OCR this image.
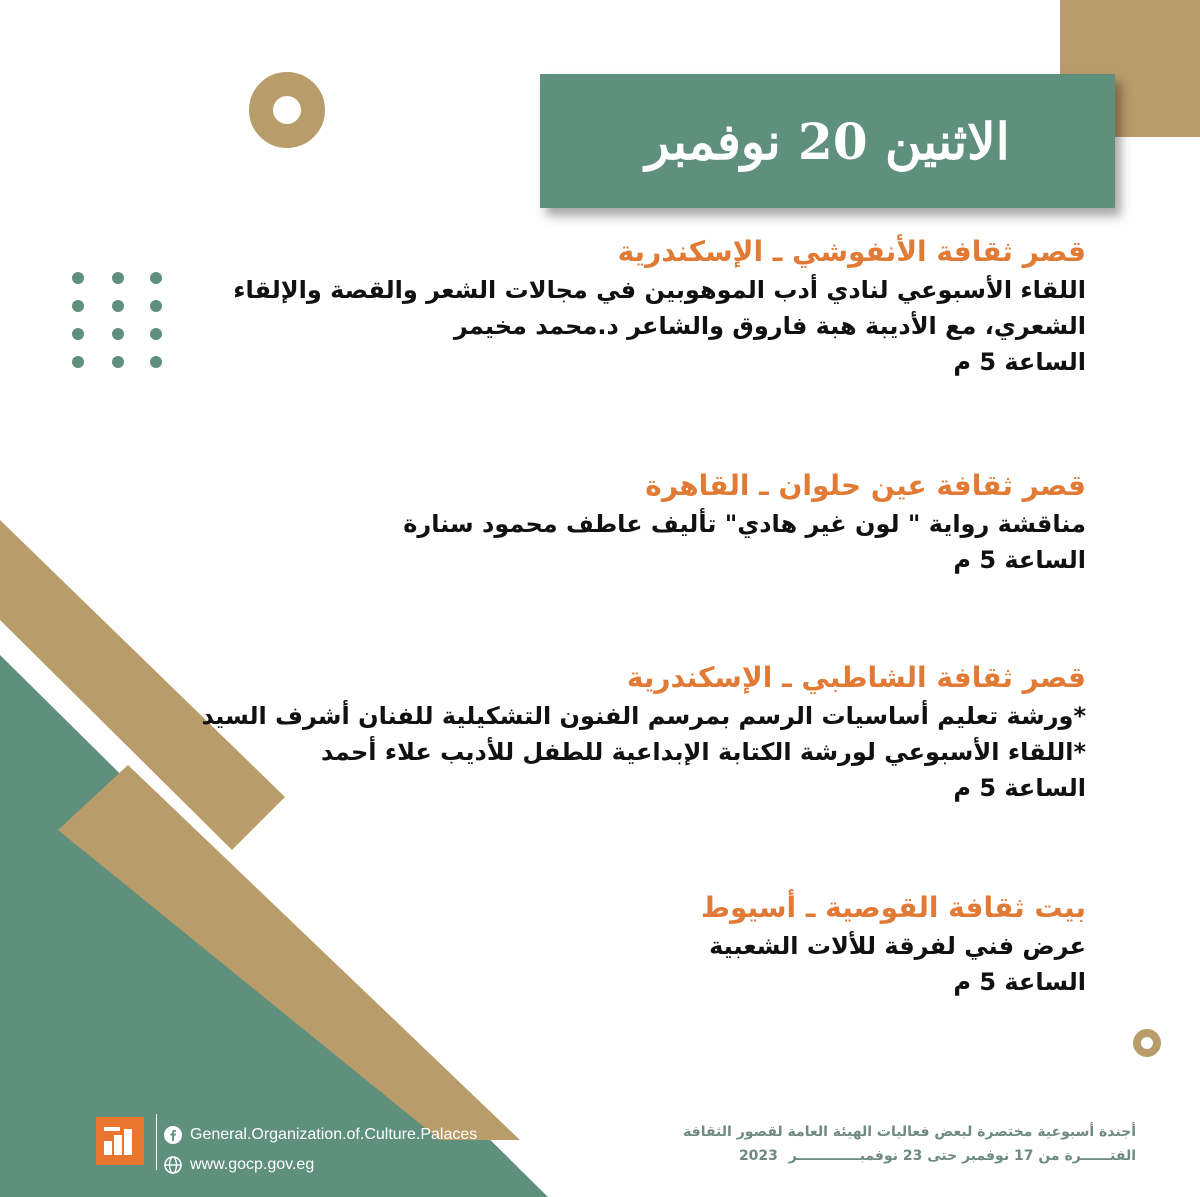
الاثنين 20 نوفمبر
قصر ثقافة الأنفوشي ـ الإسكندرية
اللقاء الأسبوعي لنادي أدب الموهوبين في مجالات الشعر والقصة والإلقاء
الشعري، مع الأديبة هبة فاروق والشاعر د.محمد مخيمر
الساعة 5 م
قصر ثقافة عين حلوان ـ القاهرة
مناقشة رواية " لون غير هادي" تأليف عاطف محمود سنارة
الساعة 5 م
قصر ثقافة الشاطبي ـ الإسكندرية
*ورشة تعليم أساسيات الرسم بمرسم الفنون التشكيلية للفنان أشرف السيد
*اللقاء الأسبوعي لورشة الكتابة الإبداعية للطفل للأديب علاء أحمد
الساعة 5 م
بيت ثقافة القوصية ـ أسيوط
عرض فني لفرقة للألات الشعبية
الساعة 5 م
General.Organization.of.Culture.Palaces
www.gocp.gov.eg
أجندة أسبوعية مختصرة لبعض فعاليات الهيئة العامة لقصور الثقافة
الفتــــــرة من 17 نوفمبر حتى 23 نوفمبـــــــــــــر 2023
